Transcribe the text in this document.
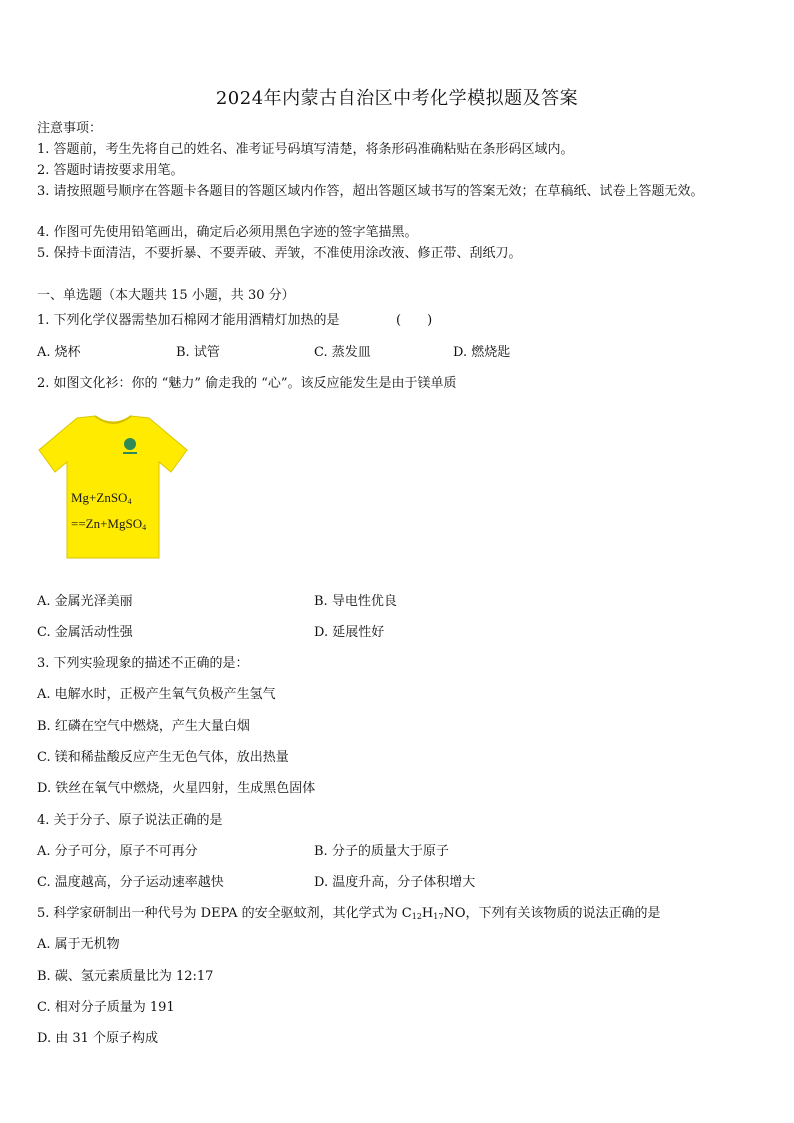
2024年内蒙古自治区中考化学模拟题及答案
注意事项：
1. 答题前，考生先将自己的姓名、准考证号码填写清楚，将条形码准确粘贴在条形码区域内。
2. 答题时请按要求用笔。
3. 请按照题号顺序在答题卡各题目的答题区域内作答，超出答题区域书写的答案无效；在草稿纸、试卷上答题无效。
4. 作图可先使用铅笔画出，确定后必须用黑色字迹的签字笔描黑。
5. 保持卡面清洁，不要折暴、不要弄破、弄皱，不准使用涂改液、修正带、刮纸刀。
一、单选题（本大题共 15 小题，共 30 分）
1. 下列化学仪器需垫加石棉网才能用酒精灯加热的是	(　　)
A. 烧杯	B. 试管	C. 蒸发皿	D. 燃烧匙
2. 如图文化衫：你的 “魅力” 偷走我的 “心”。该反应能发生是由于镁单质
Mg+ZnSO$_4$
==Zn+MgSO$_4$
A. 金属光泽美丽	B. 导电性优良
C. 金属活动性强	D. 延展性好
3. 下列实验现象的描述不正确的是：
A. 电解水时，正极产生氧气负极产生氢气
B. 红磷在空气中燃烧，产生大量白烟
C. 镁和稀盐酸反应产生无色气体，放出热量
D. 铁丝在氧气中燃烧，火星四射，生成黑色固体
4. 关于分子、原子说法正确的是
A. 分子可分，原子不可再分	B. 分子的质量大于原子
C. 温度越高，分子运动速率越快	D. 温度升高，分子体积增大
5. 科学家研制出一种代号为 DEPA 的安全驱蚊剂，其化学式为 $C_{12}H_{17}NO$，下列有关该物质的说法正确的是
A. 属于无机物
B. 碳、氢元素质量比为 12:17
C. 相对分子质量为 191
D. 由 31 个原子构成
